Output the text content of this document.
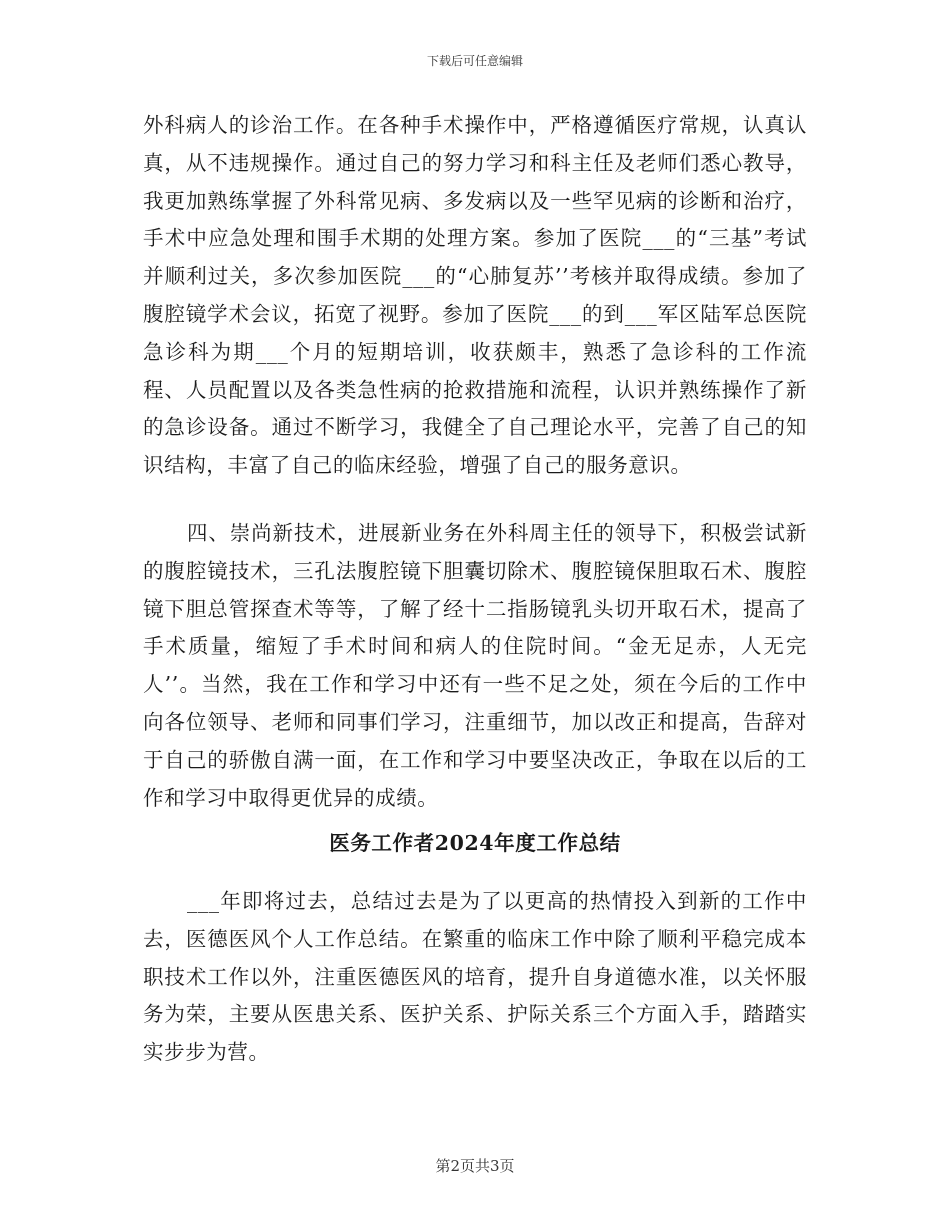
下载后可任意编辑

外科病人的诊治工作。在各种手术操作中，严格遵循医疗常规，认真认真，从不违规操作。通过自己的努力学习和科主任及老师们悉心教导，我更加熟练掌握了外科常见病、多发病以及一些罕见病的诊断和治疗，手术中应急处理和围手术期的处理方案。参加了医院___的“三基”考试并顺利过关，多次参加医院___的“心肺复苏’’考核并取得成绩。参加了腹腔镜学术会议，拓宽了视野。参加了医院___的到___军区陆军总医院急诊科为期___个月的短期培训，收获颇丰，熟悉了急诊科的工作流程、人员配置以及各类急性病的抢救措施和流程，认识并熟练操作了新的急诊设备。通过不断学习，我健全了自己理论水平，完善了自己的知识结构，丰富了自己的临床经验，增强了自己的服务意识。

四、崇尚新技术，进展新业务在外科周主任的领导下，积极尝试新的腹腔镜技术，三孔法腹腔镜下胆囊切除术、腹腔镜保胆取石术、腹腔镜下胆总管探查术等等，了解了经十二指肠镜乳头切开取石术，提高了手术质量，缩短了手术时间和病人的住院时间。“金无足赤，人无完人’’。当然，我在工作和学习中还有一些不足之处，须在今后的工作中向各位领导、老师和同事们学习，注重细节，加以改正和提高，告辞对于自己的骄傲自满一面，在工作和学习中要坚决改正，争取在以后的工作和学习中取得更优异的成绩。

医务工作者2024年度工作总结

___年即将过去，总结过去是为了以更高的热情投入到新的工作中去，医德医风个人工作总结。在繁重的临床工作中除了顺利平稳完成本职技术工作以外，注重医德医风的培育，提升自身道德水准，以关怀服务为荣，主要从医患关系、医护关系、护际关系三个方面入手，踏踏实实步步为营。

第2页共3页
